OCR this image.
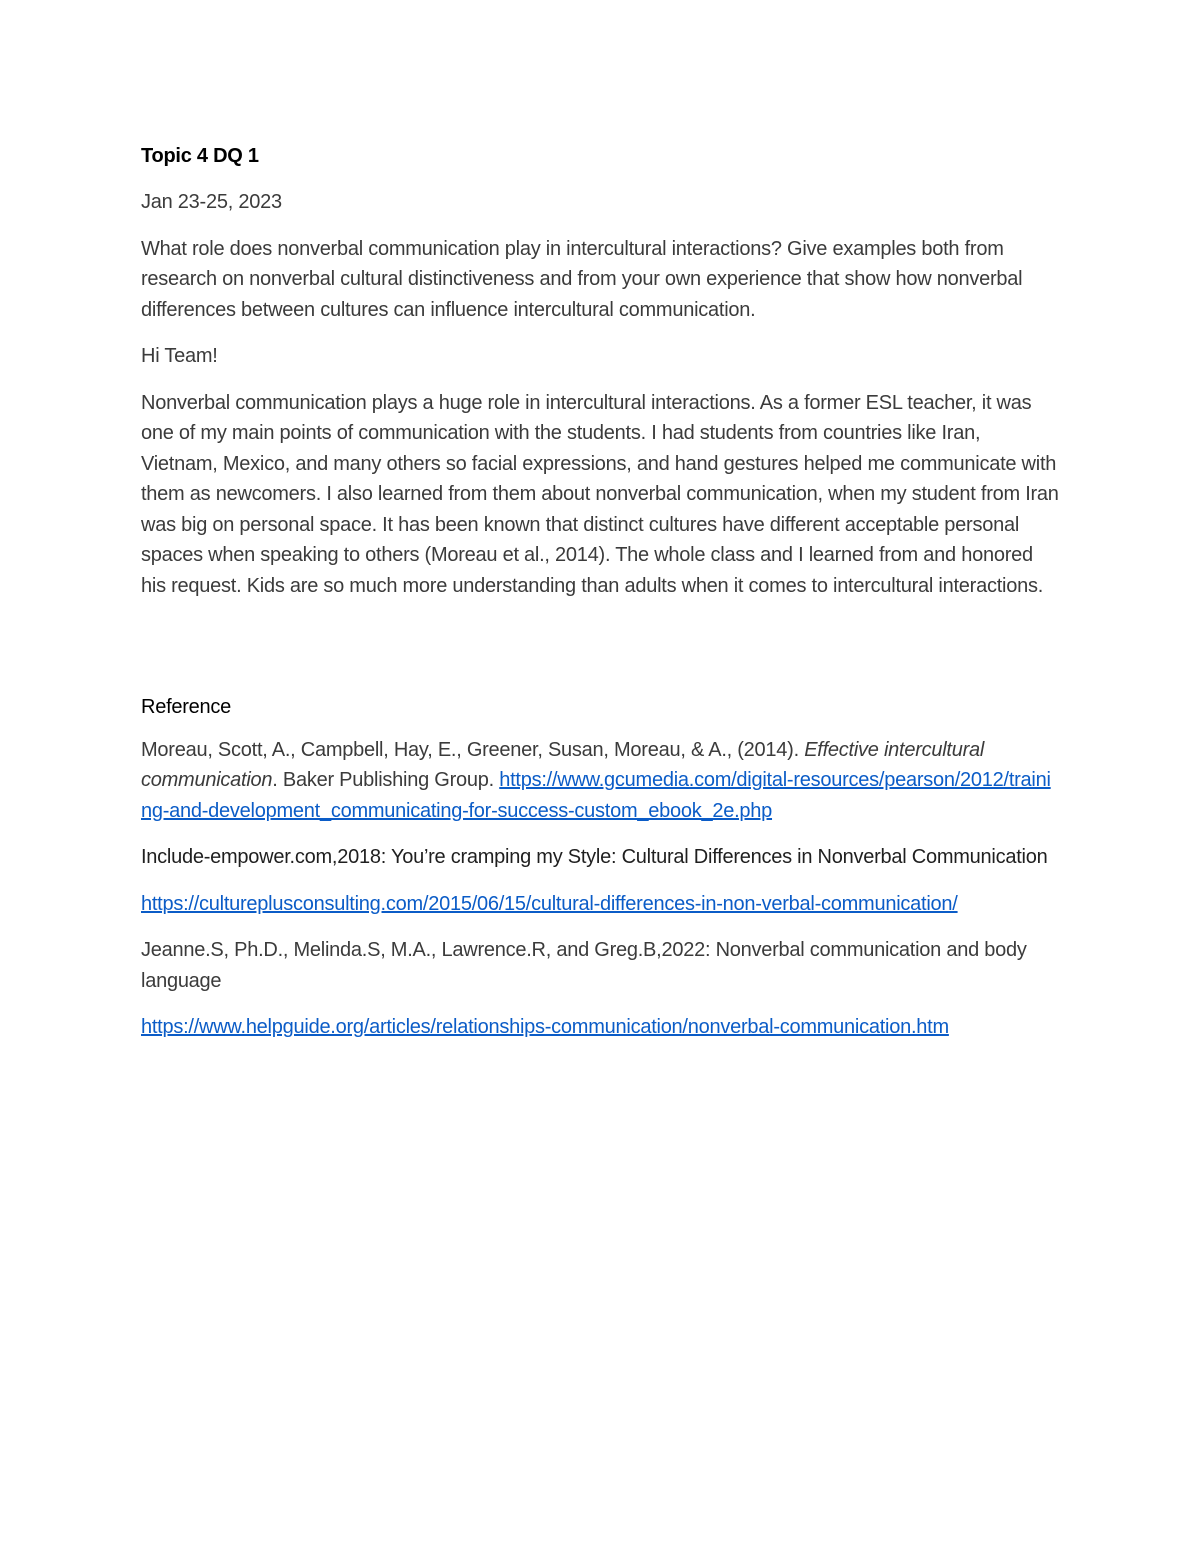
Topic 4 DQ 1

Jan 23-25, 2023

What role does nonverbal communication play in intercultural interactions? Give examples both from research on nonverbal cultural distinctiveness and from your own experience that show how nonverbal differences between cultures can influence intercultural communication.

Hi Team!

Nonverbal communication plays a huge role in intercultural interactions. As a former ESL teacher, it was one of my main points of communication with the students. I had students from countries like Iran, Vietnam, Mexico, and many others so facial expressions, and hand gestures helped me communicate with them as newcomers. I also learned from them about nonverbal communication, when my student from Iran was big on personal space. It has been known that distinct cultures have different acceptable personal spaces when speaking to others (Moreau et al., 2014). The whole class and I learned from and honored his request. Kids are so much more understanding than adults when it comes to intercultural interactions.

Reference

Moreau, Scott, A., Campbell, Hay, E., Greener, Susan, Moreau, & A., (2014). Effective intercultural communication. Baker Publishing Group. https://www.gcumedia.com/digital-resources/pearson/2012/training-and-development_communicating-for-success-custom_ebook_2e.php

Include-empower.com,2018: You’re cramping my Style: Cultural Differences in Nonverbal Communication

https://cultureplusconsulting.com/2015/06/15/cultural-differences-in-non-verbal-communication/

Jeanne.S, Ph.D., Melinda.S, M.A., Lawrence.R, and Greg.B,2022: Nonverbal communication and body language

https://www.helpguide.org/articles/relationships-communication/nonverbal-communication.htm
